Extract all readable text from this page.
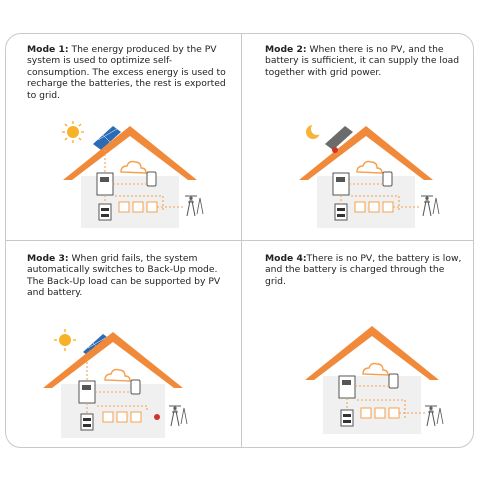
Mode 1: The energy produced by the PV system is used to optimize self-consumption. The excess energy is used to recharge the batteries, the rest is exported to grid.
Mode 2: When there is no PV, and the battery is sufficient, it can supply the load together with grid power.
Mode 3: When grid fails, the system automatically switches to Back-Up mode.
The Back-Up load can be supported by PV and battery.
Mode 4:There is no PV, the battery is low, and the battery is charged through the grid.
